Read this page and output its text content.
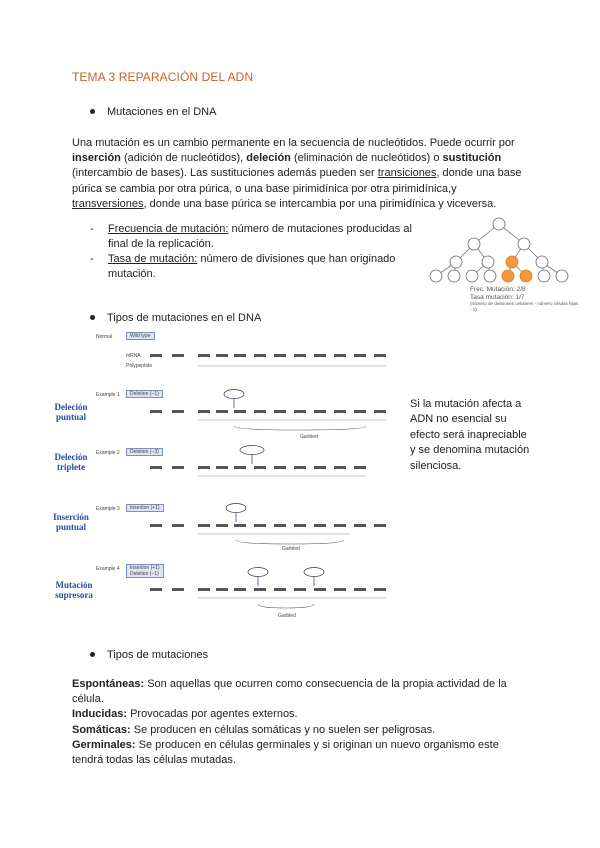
TEMA 3 REPARACIÓN DEL ADN
Mutaciones en el DNA
Una mutación es un cambio permanente en la secuencia de nucleótidos. Puede ocurrir por inserción (adición de nucleótidos), deleción (eliminación de nucleótidos) o sustitución (intercambio de bases). Las sustituciones además pueden ser transiciones, donde una base púrica se cambia por otra púrica, o una base pirimidínica por otra pirimidínica,y transversiones, donde una base púrica se intercambia por una pirimidínica y viceversa.
-	Frecuencia de mutación: número de mutaciones producidas al final de la replicación.
-	Tasa de mutación: número de divisiones que han originado mutación.
Frec. Mutación: 2/8
Tasa mutación: 1/7
(número de divisiones celulares - número células hijas - 1)
Tipos de mutaciones en el DNA
Normal	Wild type
mRNA
Polypeptide
Deleción puntual
Example 1	Deletion (−1)
Garbled
Deleción triplete
Example 2	Deletion (−3)
Inserción puntual
Example 3	Insertion (+1)
Garbled
Mutación supresora
Example 4	Insertion (+1) Deletion (−1)
Garbled
Si la mutación afecta a ADN no esencial su efecto será inapreciable y se denomina mutación silenciosa.
Tipos de mutaciones
Espontáneas: Son aquellas que ocurren como consecuencia de la propia actividad de la célula.
Inducidas: Provocadas por agentes externos.
Somáticas: Se producen en células somáticas y no suelen ser peligrosas.
Germinales: Se producen en células germinales y si originan un nuevo organismo este tendrá todas las células mutadas.
